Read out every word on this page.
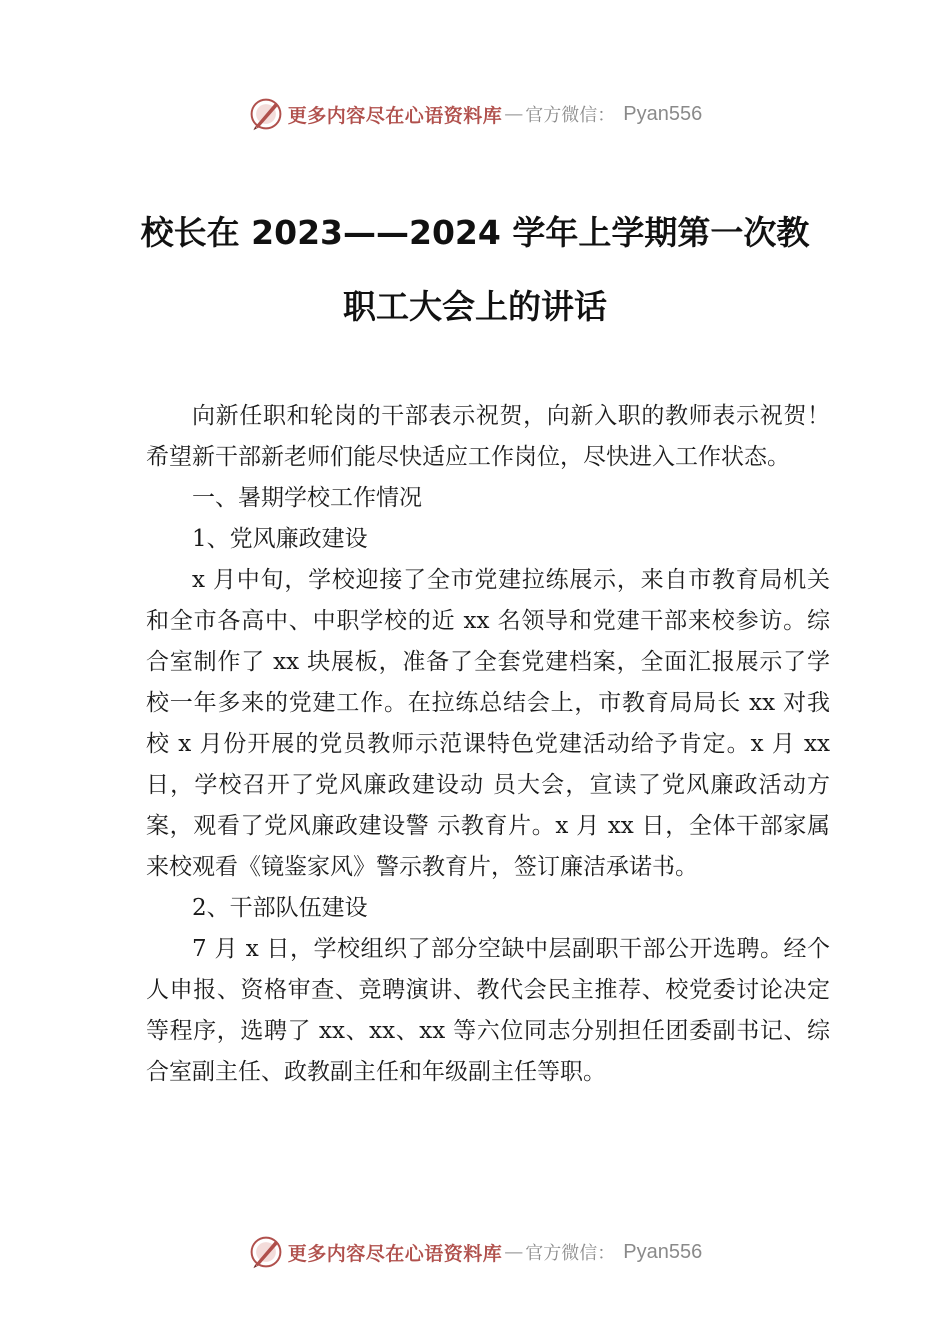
更多内容尽在心语资料库 — 官方微信： Pyan556
校长在 2023——2024 学年上学期第一次教
职工大会上的讲话

向新任职和轮岗的干部表示祝贺，向新入职的教师表示祝贺！希望新干部新老师们能尽快适应工作岗位，尽快进入工作状态。

一、暑期学校工作情况

1、党风廉政建设

x 月中旬，学校迎接了全市党建拉练展示，来自市教育局机关和全市各高中、中职学校的近 xx 名领导和党建干部来校参访。综合室制作了 xx 块展板，准备了全套党建档案，全面汇报展示了学校一年多来的党建工作。在拉练总结会上，市教育局局长 xx 对我校 x 月份开展的党员教师示范课特色党建活动给予肯定。x 月 xx 日，学校召开了党风廉政建设动 员大会，宣读了党风廉政活动方案，观看了党风廉政建设警 示教育片。x 月 xx 日，全体干部家属来校观看《镜鉴家风》警示教育片，签订廉洁承诺书。

2、干部队伍建设

7 月 x 日，学校组织了部分空缺中层副职干部公开选聘。经个人申报、资格审查、竞聘演讲、教代会民主推荐、校党委讨论决定等程序，选聘了 xx、xx、xx 等六位同志分别担任团委副书记、综合室副主任、政教副主任和年级副主任等职。

更多内容尽在心语资料库 — 官方微信： Pyan556
